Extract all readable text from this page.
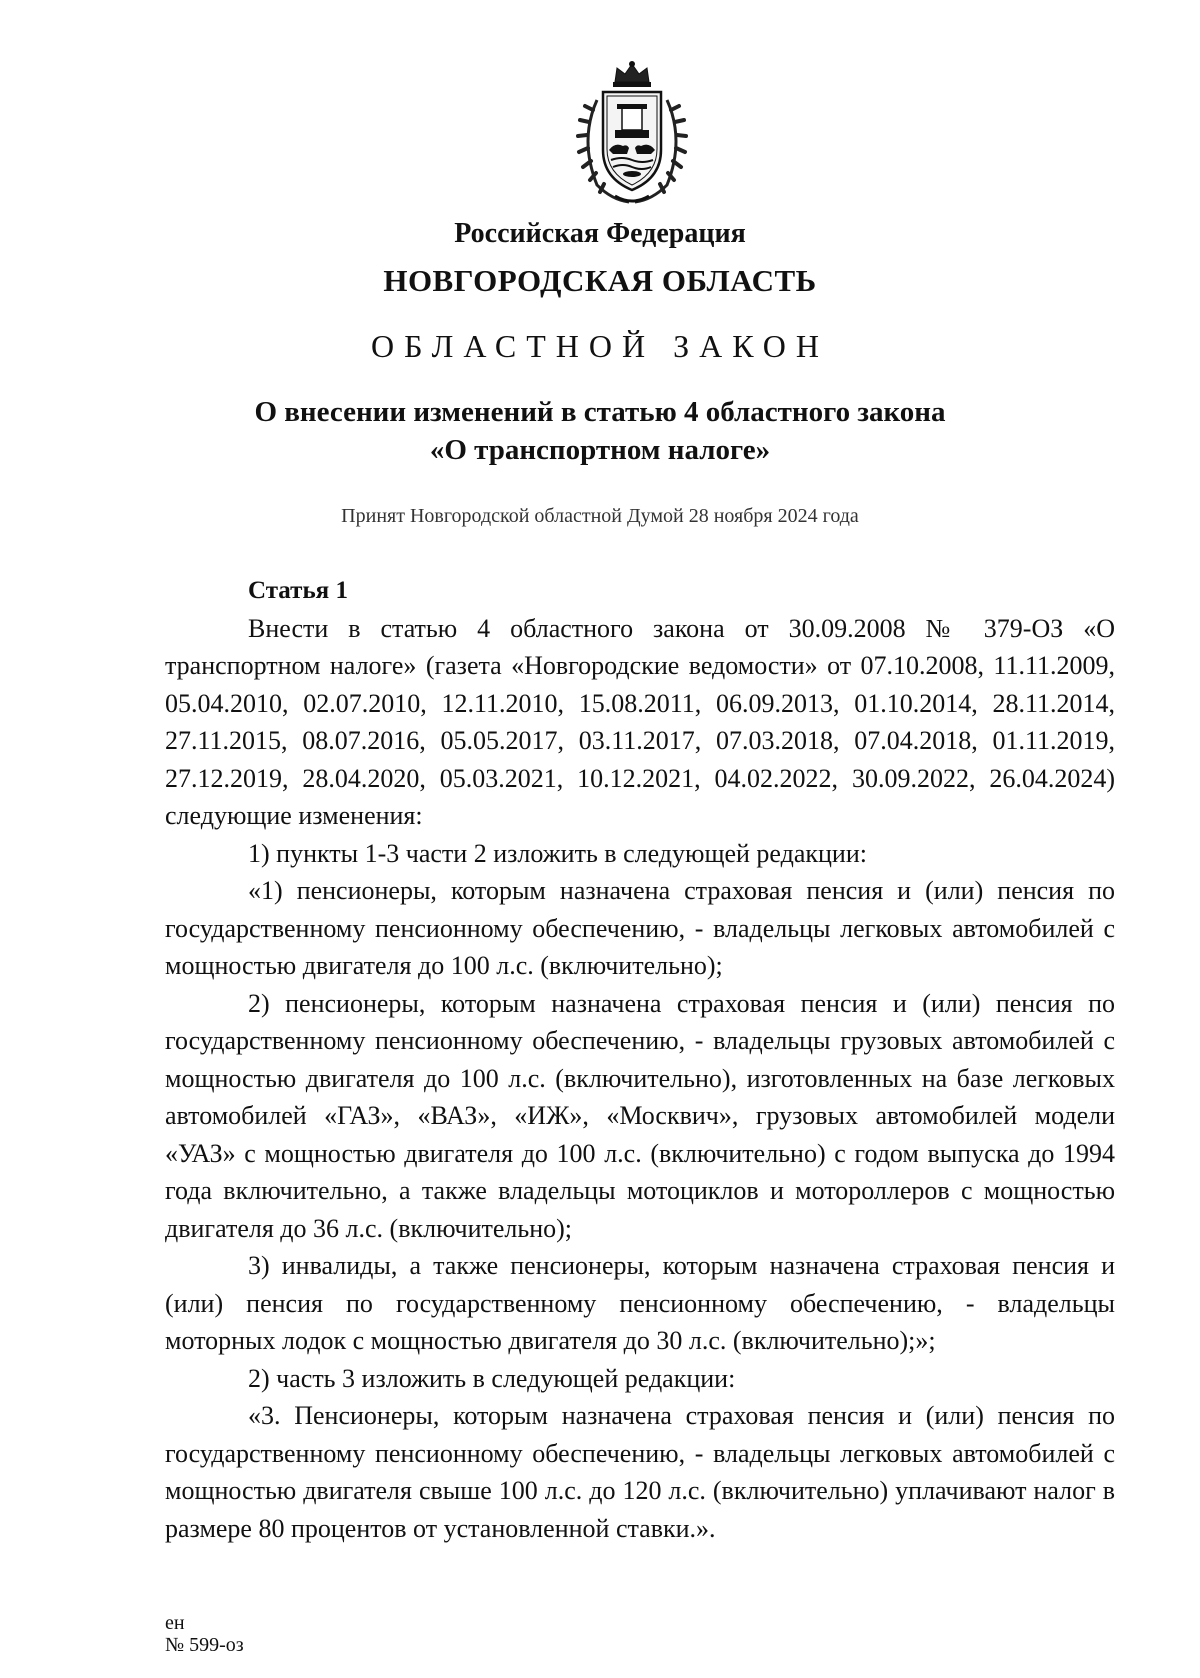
Российская Федерация
НОВГОРОДСКАЯ ОБЛАСТЬ
ОБЛАСТНОЙ ЗАКОН
О внесении изменений в статью 4 областного закона
«О транспортном налоге»
Принят Новгородской областной Думой 28 ноября 2024 года
Статья 1

Внести в статью 4 областного закона от 30.09.2008 № 379-ОЗ «О транспортном налоге» (газета «Новгородские ведомости» от 07.10.2008, 11.11.2009, 05.04.2010, 02.07.2010, 12.11.2010, 15.08.2011, 06.09.2013, 01.10.2014, 28.11.2014, 27.11.2015, 08.07.2016, 05.05.2017, 03.11.2017, 07.03.2018, 07.04.2018, 01.11.2019, 27.12.2019, 28.04.2020, 05.03.2021, 10.12.2021, 04.02.2022, 30.09.2022, 26.04.2024) следующие изменения:

1) пункты 1-3 части 2 изложить в следующей редакции:

«1) пенсионеры, которым назначена страховая пенсия и (или) пенсия по государственному пенсионному обеспечению, - владельцы легковых автомобилей с мощностью двигателя до 100 л.с. (включительно);

2) пенсионеры, которым назначена страховая пенсия и (или) пенсия по государственному пенсионному обеспечению, - владельцы грузовых автомобилей с мощностью двигателя до 100 л.с. (включительно), изготовленных на базе легковых автомобилей «ГАЗ», «ВАЗ», «ИЖ», «Москвич», грузовых автомобилей модели «УАЗ» с мощностью двигателя до 100 л.с. (включительно) с годом выпуска до 1994 года включительно, а также владельцы мотоциклов и мотороллеров с мощностью двигателя до 36 л.с. (включительно);

3) инвалиды, а также пенсионеры, которым назначена страховая пенсия и (или) пенсия по государственному пенсионному обеспечению, - владельцы моторных лодок с мощностью двигателя до 30 л.с. (включительно);»;

2) часть 3 изложить в следующей редакции:

«3. Пенсионеры, которым назначена страховая пенсия и (или) пенсия по государственному пенсионному обеспечению, - владельцы легковых автомобилей с мощностью двигателя свыше 100 л.с. до 120 л.с. (включительно) уплачивают налог в размере 80 процентов от установленной ставки.».

ен
№ 599-оз
